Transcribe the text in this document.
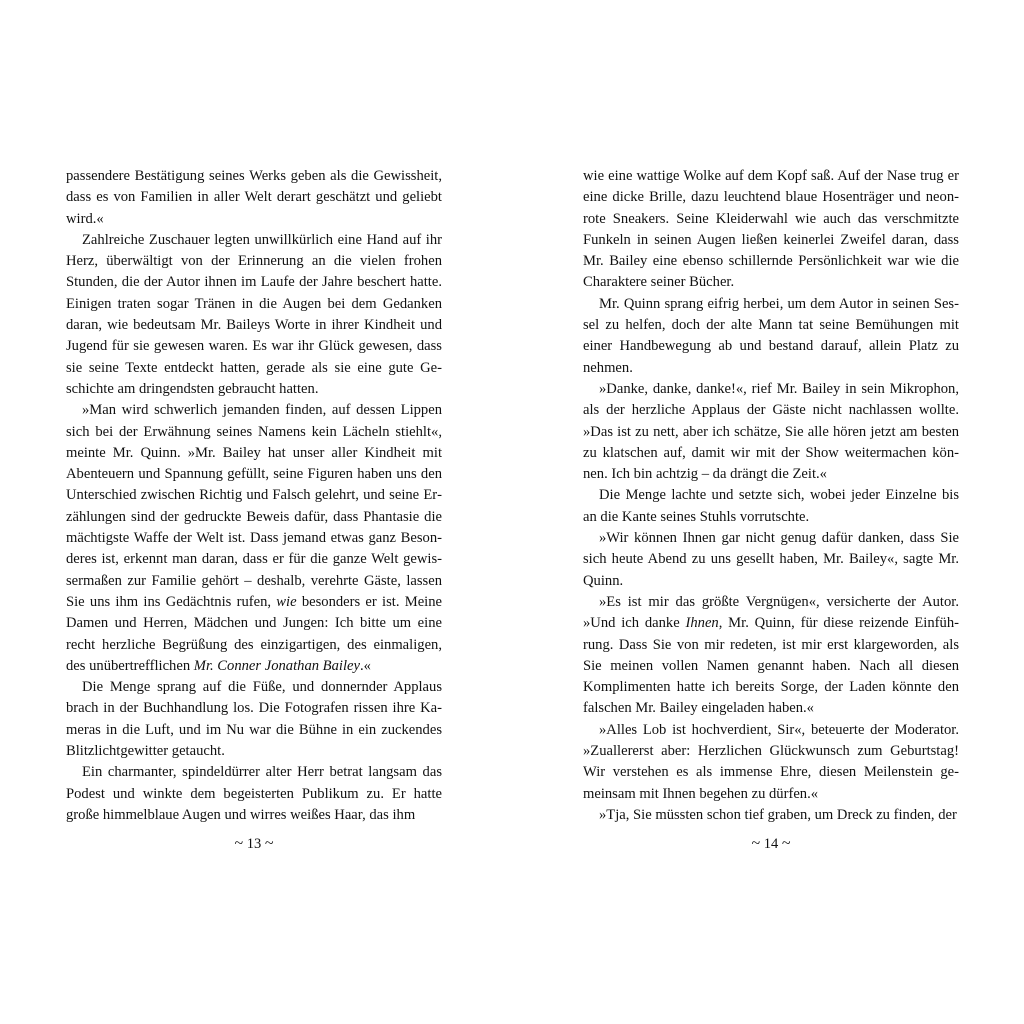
passendere Bestätigung seines Werks geben als die Gewissheit, dass es von Familien in aller Welt derart geschätzt und geliebt wird.«

Zahlreiche Zuschauer legten unwillkürlich eine Hand auf ihr Herz, überwältigt von der Erinnerung an die vielen frohen Stunden, die der Autor ihnen im Laufe der Jahre beschert hatte. Einigen traten sogar Tränen in die Augen bei dem Gedanken daran, wie bedeutsam Mr. Baileys Worte in ihrer Kindheit und Jugend für sie gewesen waren. Es war ihr Glück gewesen, dass sie seine Texte entdeckt hatten, gerade als sie eine gute Geschichte am dringendsten gebraucht hatten.

»Man wird schwerlich jemanden finden, auf dessen Lippen sich bei der Erwähnung seines Namens kein Lächeln stiehlt«, meinte Mr. Quinn. »Mr. Bailey hat unser aller Kindheit mit Abenteuern und Spannung gefüllt, seine Figuren haben uns den Unterschied zwischen Richtig und Falsch gelehrt, und seine Erzählungen sind der gedruckte Beweis dafür, dass Phantasie die mächtigste Waffe der Welt ist. Dass jemand etwas ganz Besonderes ist, erkennt man daran, dass er für die ganze Welt gewissermaßen zur Familie gehört – deshalb, verehrte Gäste, lassen Sie uns ihm ins Gedächtnis rufen, wie besonders er ist. Meine Damen und Herren, Mädchen und Jungen: Ich bitte um eine recht herzliche Begrüßung des einzigartigen, des einmaligen, des unübertrefflichen Mr. Conner Jonathan Bailey.«

Die Menge sprang auf die Füße, und donnernder Applaus brach in der Buchhandlung los. Die Fotografen rissen ihre Kameras in die Luft, und im Nu war die Bühne in ein zuckendes Blitzlichtgewitter getaucht.

Ein charmanter, spindeldürrer alter Herr betrat langsam das Podest und winkte dem begeisterten Publikum zu. Er hatte große himmelblaue Augen und wirres weißes Haar, das ihm

wie eine wattige Wolke auf dem Kopf saß. Auf der Nase trug er eine dicke Brille, dazu leuchtend blaue Hosenträger und neonrote Sneakers. Seine Kleiderwahl wie auch das verschmitzte Funkeln in seinen Augen ließen keinerlei Zweifel daran, dass Mr. Bailey eine ebenso schillernde Persönlichkeit war wie die Charaktere seiner Bücher.

Mr. Quinn sprang eifrig herbei, um dem Autor in seinen Sessel zu helfen, doch der alte Mann tat seine Bemühungen mit einer Handbewegung ab und bestand darauf, allein Platz zu nehmen.

»Danke, danke, danke!«, rief Mr. Bailey in sein Mikrophon, als der herzliche Applaus der Gäste nicht nachlassen wollte. »Das ist zu nett, aber ich schätze, Sie alle hören jetzt am besten zu klatschen auf, damit wir mit der Show weitermachen können. Ich bin achtzig – da drängt die Zeit.«

Die Menge lachte und setzte sich, wobei jeder Einzelne bis an die Kante seines Stuhls vorrutschte.

»Wir können Ihnen gar nicht genug dafür danken, dass Sie sich heute Abend zu uns gesellt haben, Mr. Bailey«, sagte Mr. Quinn.

»Es ist mir das größte Vergnügen«, versicherte der Autor. »Und ich danke Ihnen, Mr. Quinn, für diese reizende Einführung. Dass Sie von mir redeten, ist mir erst klargeworden, als Sie meinen vollen Namen genannt haben. Nach all diesen Komplimenten hatte ich bereits Sorge, der Laden könnte den falschen Mr. Bailey eingeladen haben.«

»Alles Lob ist hochverdient, Sir«, beteuerte der Moderator. »Zuallererst aber: Herzlichen Glückwunsch zum Geburtstag! Wir verstehen es als immense Ehre, diesen Meilenstein gemeinsam mit Ihnen begehen zu dürfen.«

»Tja, Sie müssten schon tief graben, um Dreck zu finden, der

~ 13 ~	~ 14 ~
